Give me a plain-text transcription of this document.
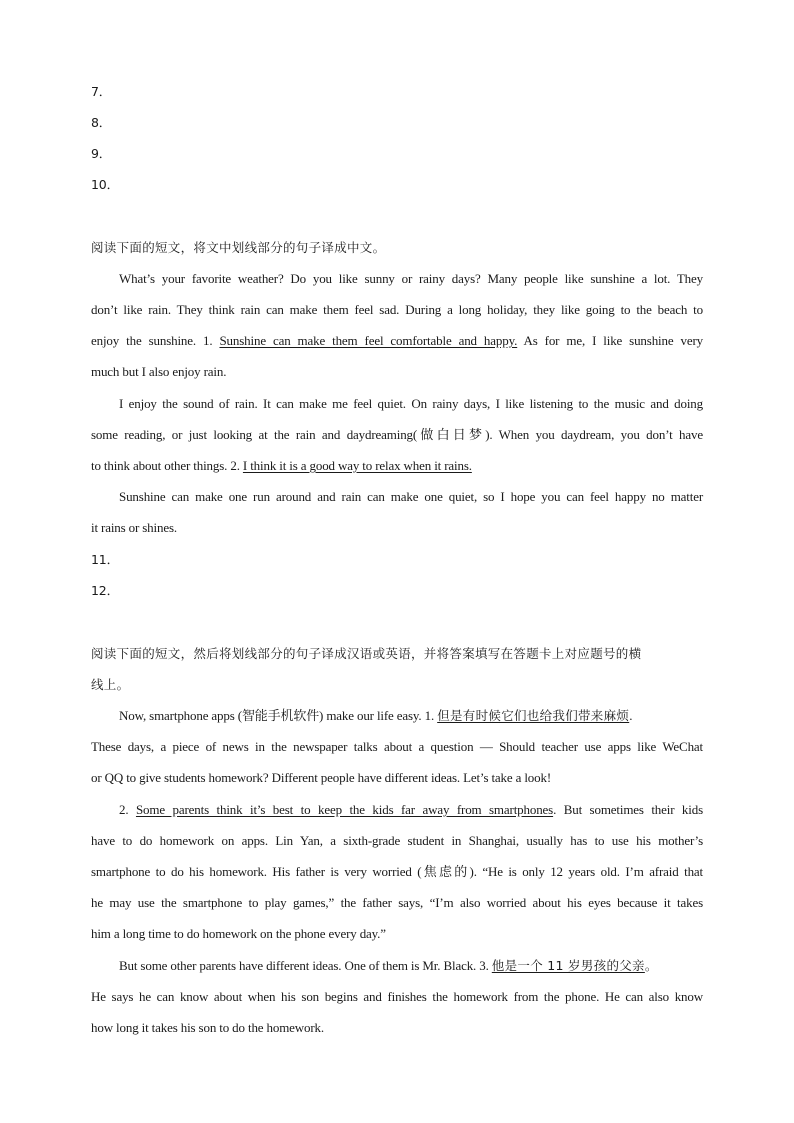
7．
8．
9．
10．
阅读下面的短文，将文中划线部分的句子译成中文。
What’s your favorite weather? Do you like sunny or rainy days? Many people like sunshine a lot. They
don’t like rain. They think rain can make them feel sad. During a long holiday, they like going to the beach to
enjoy the sunshine. 1. Sunshine can make them feel comfortable and happy. As for me, I like sunshine very
much but I also enjoy rain.
I enjoy the sound of rain. It can make me feel quiet. On rainy days, I like listening to the music and doing
some reading, or just looking at the rain and daydreaming(做白日梦). When you daydream, you don’t have
to think about other things. 2. I think it is a good way to relax when it rains.
Sunshine can make one run around and rain can make one quiet, so I hope you can feel happy no matter
it rains or shines.
11．
12．
阅读下面的短文，然后将划线部分的句子译成汉语或英语，并将答案填写在答题卡上对应题号的横
线上。
Now, smartphone apps (智能手机软件) make our life easy. 1. 但是有时候它们也给我们带来麻烦.
These days, a piece of news in the newspaper talks about a question — Should teacher use apps like WeChat
or QQ to give students homework? Different people have different ideas. Let’s take a look!
2. Some parents think it’s best to keep the kids far away from smartphones. But sometimes their kids
have to do homework on apps. Lin Yan, a sixth-grade student in Shanghai, usually has to use his mother’s
smartphone to do his homework. His father is very worried (焦虑的). “He is only 12 years old. I’m afraid that
he may use the smartphone to play games,” the father says, “I’m also worried about his eyes because it takes
him a long time to do homework on the phone every day.”
But some other parents have different ideas. One of them is Mr. Black. 3. 他是一个 11 岁男孩的父亲。
He says he can know about when his son begins and finishes the homework from the phone. He can also know
how long it takes his son to do the homework.
